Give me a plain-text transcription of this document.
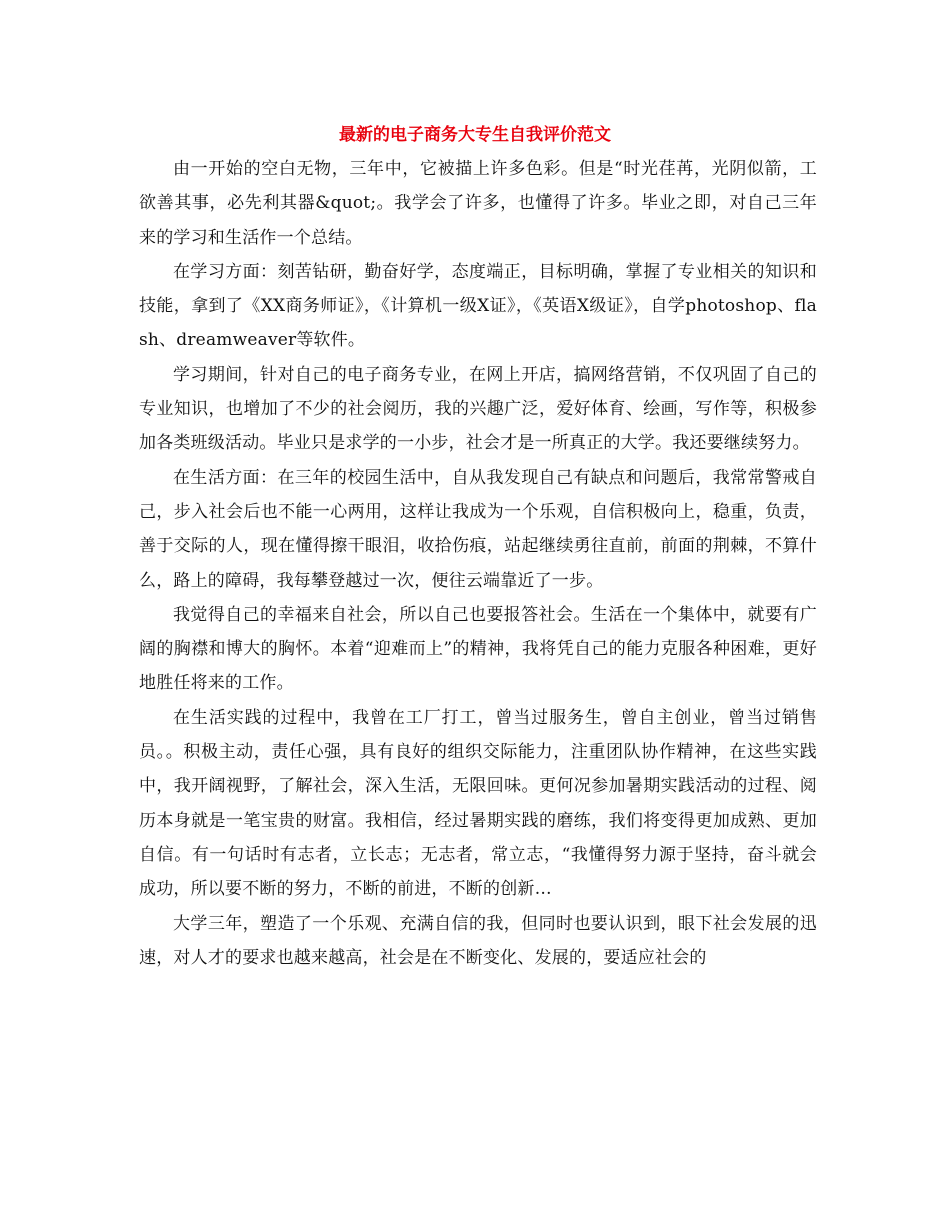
最新的电子商务大专生自我评价范文

由一开始的空白无物，三年中，它被描上许多色彩。但是“时光荏苒，光阴似箭，工欲善其事，必先利其器&quot;。我学会了许多，也懂得了许多。毕业之即，对自己三年来的学习和生活作一个总结。

在学习方面：刻苦钻研，勤奋好学，态度端正，目标明确，掌握了专业相关的知识和技能，拿到了《XX商务师证》，《计算机一级X证》，《英语X级证》，自学photoshop、flash、dreamweaver等软件。

学习期间，针对自己的电子商务专业，在网上开店，搞网络营销，不仅巩固了自己的专业知识，也增加了不少的社会阅历，我的兴趣广泛，爱好体育、绘画，写作等，积极参加各类班级活动。毕业只是求学的一小步，社会才是一所真正的大学。我还要继续努力。

在生活方面：在三年的校园生活中，自从我发现自己有缺点和问题后，我常常警戒自己，步入社会后也不能一心两用，这样让我成为一个乐观，自信积极向上，稳重，负责，善于交际的人，现在懂得擦干眼泪，收拾伤痕，站起继续勇往直前，前面的荆棘，不算什么，路上的障碍，我每攀登越过一次，便往云端靠近了一步。

我觉得自己的幸福来自社会，所以自己也要报答社会。生活在一个集体中，就要有广阔的胸襟和博大的胸怀。本着“迎难而上”的精神，我将凭自己的能力克服各种困难，更好地胜任将来的工作。

在生活实践的过程中，我曾在工厂打工，曾当过服务生，曾自主创业，曾当过销售员。。积极主动，责任心强，具有良好的组织交际能力，注重团队协作精神，在这些实践中，我开阔视野，了解社会，深入生活，无限回味。更何况参加暑期实践活动的过程、阅历本身就是一笔宝贵的财富。我相信，经过暑期实践的磨练，我们将变得更加成熟、更加自信。有一句话时有志者，立长志；无志者，常立志，“我懂得努力源于坚持，奋斗就会成功，所以要不断的努力，不断的前进，不断的创新…

大学三年，塑造了一个乐观、充满自信的我，但同时也要认识到，眼下社会发展的迅速，对人才的要求也越来越高，社会是在不断变化、发展的，要适应社会的
